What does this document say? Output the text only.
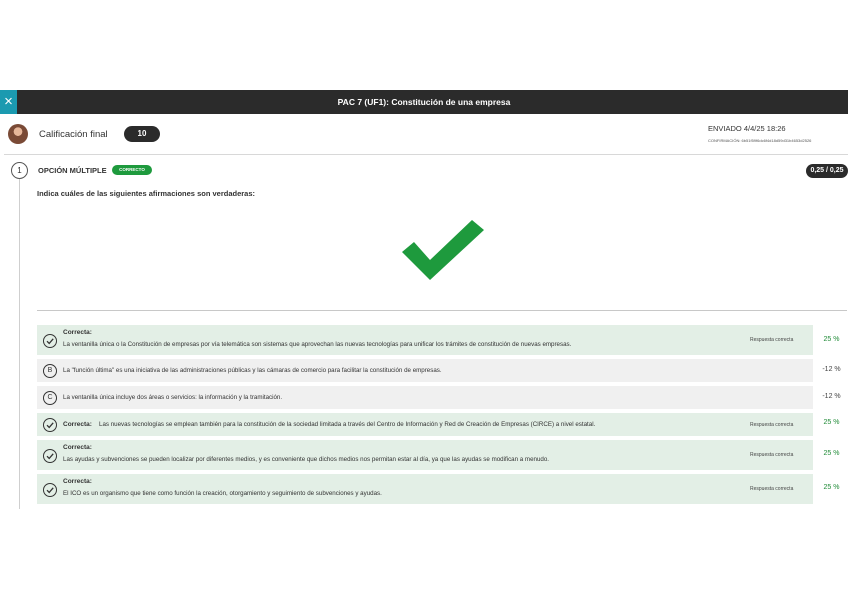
×	PAC 7 (UF1): Constitución de una empresa
Calificación final	10
ENVIADO 4/4/25 18:26
CONFIRMACIÓN: 6b51f59f6dc6f4d18d59d31b4653d2526
1	OPCIÓN MÚLTIPLE	CORRECTO	0,25 / 0,25
Indica cuáles de las siguientes afirmaciones son verdaderas:
Correcta:
La ventanilla única o la Constitución de empresas por vía telemática son sistemas que aprovechan las nuevas tecnologías para unificar los trámites de constitución de nuevas empresas.
Respuesta correcta	25 %
B	La "función última" es una iniciativa de las administraciones públicas y las cámaras de comercio para facilitar la constitución de empresas.	-12 %
C	La ventanilla única incluye dos áreas o servicios: la información y la tramitación.	-12 %
Correcta: Las nuevas tecnologías se emplean también para la constitución de la sociedad limitada a través del Centro de Información y Red de Creación de Empresas (CIRCE) a nivel estatal.	Respuesta correcta	25 %
Correcta:
Las ayudas y subvenciones se pueden localizar por diferentes medios, y es conveniente que dichos medios nos permitan estar al día, ya que las ayudas se modifican a menudo.
Respuesta correcta	25 %
Correcta:
El ICO es un organismo que tiene como función la creación, otorgamiento y seguimiento de subvenciones y ayudas.
Respuesta correcta	25 %
